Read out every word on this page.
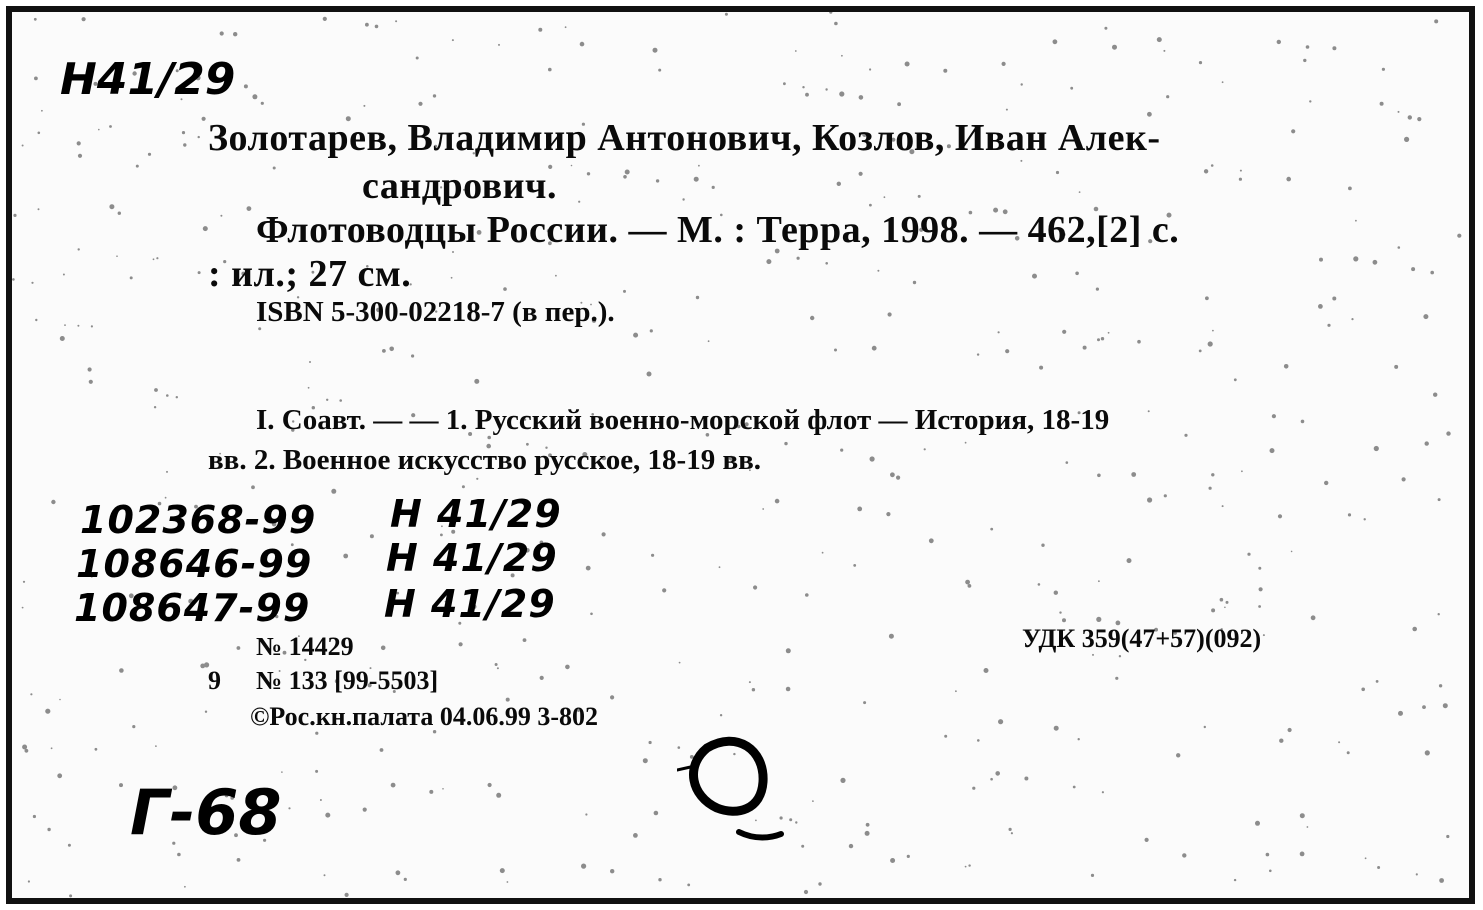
H41/29
Золотарев, Владимир Антонович, Козлов, Иван Алек-
сандрович.
Флотоводцы России. — М. : Терра, 1998. — 462,[2] с.
: ил.; 27 см.
ISBN 5-300-02218-7 (в пер.).
I. Соавт. — — 1. Русский военно-морской флот — История, 18-19
вв. 2. Военное искусство русское, 18-19 вв.
102368-99 H 41/29
108646-99 H 41/29
108647-99 H 41/29
№ 14429	УДК 359(47+57)(092)
9 № 133 [99-5503]
©Рос.кн.палата 04.06.99 3-802
Г-68
